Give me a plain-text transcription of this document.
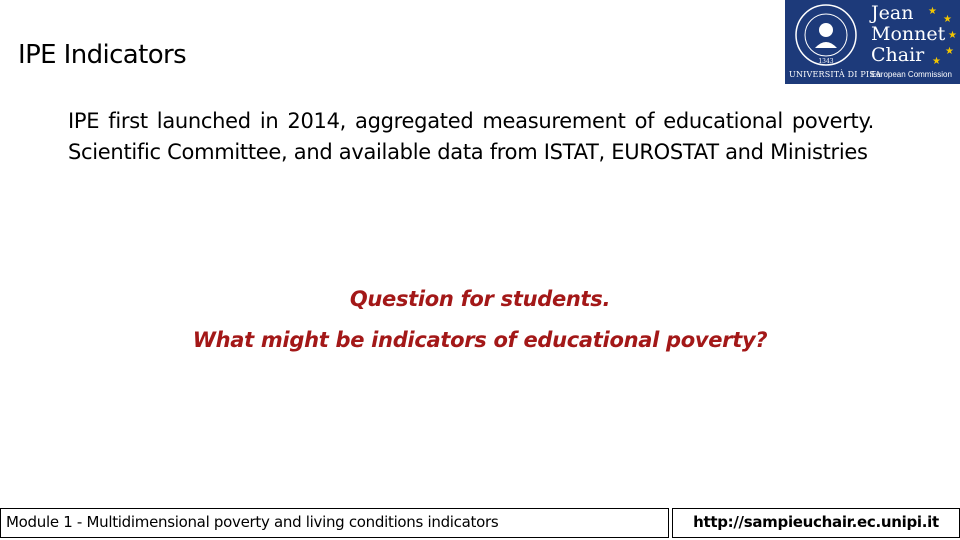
IPE Indicators	1343
UNIVERSITÀ DI PISA
Jean
Monnet
Chair
European Commission
★
★
★
★
★
IPE first launched in 2014, aggregated measurement of educational poverty. Scientific Committee, and available data from ISTAT, EUROSTAT and Ministries
Question for students.
What might be indicators of educational poverty?
Module 1 - Multidimensional poverty and living conditions indicators	http://sampieuchair.ec.unipi.it
